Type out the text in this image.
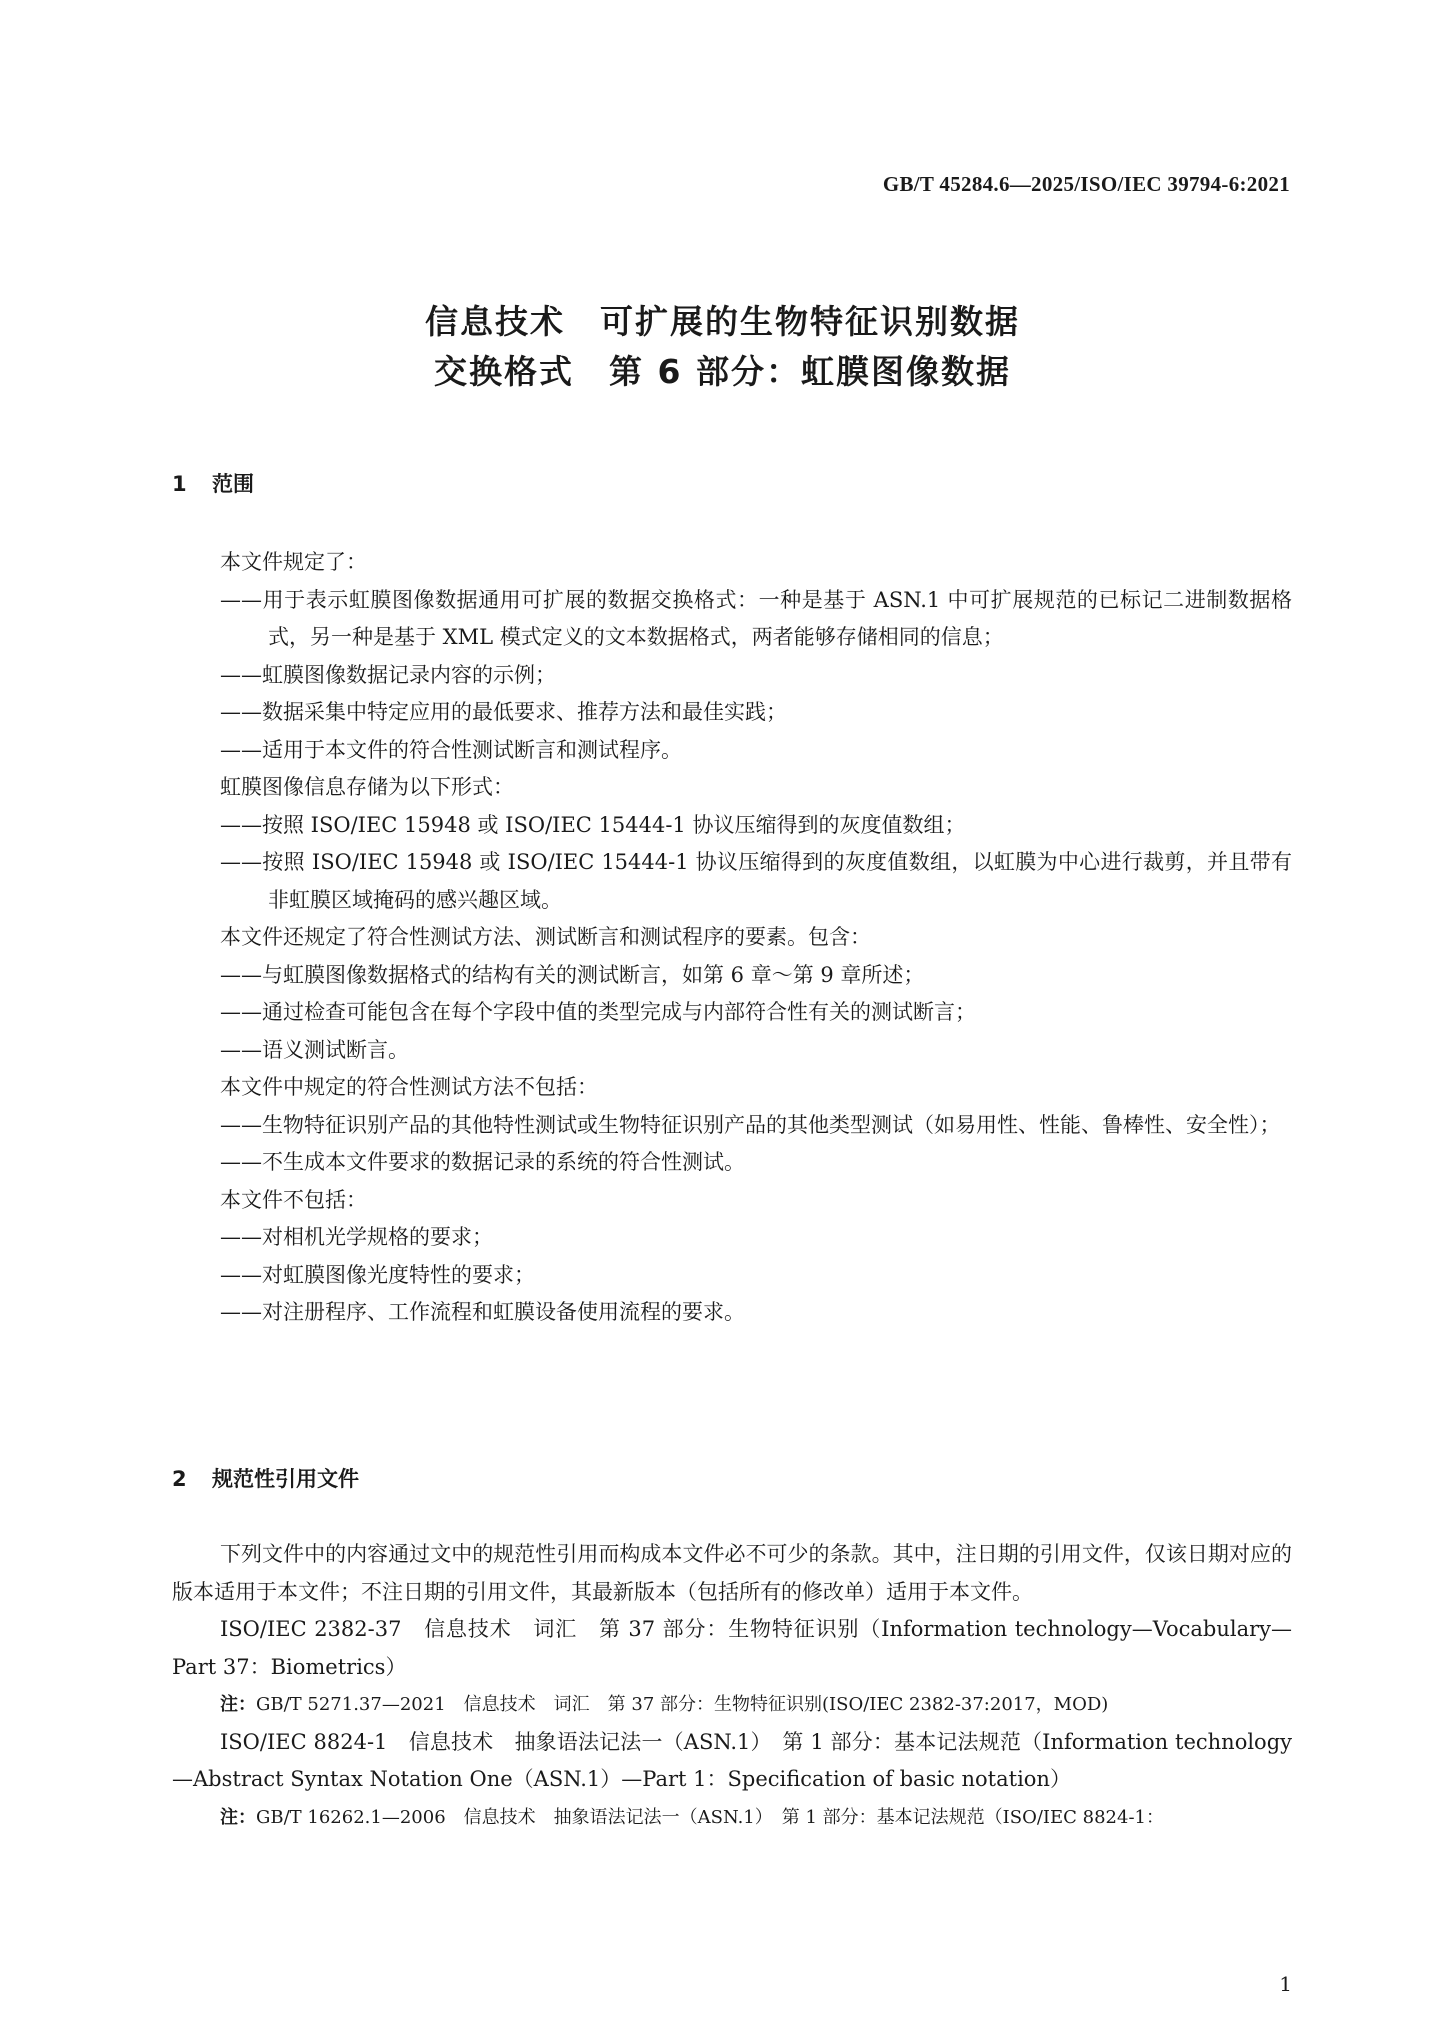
GB/T 45284.6—2025/ISO/IEC 39794-6:2021
信息技术　可扩展的生物特征识别数据
交换格式　第 6 部分：虹膜图像数据
1 范围

本文件规定了：

——用于表示虹膜图像数据通用可扩展的数据交换格式：一种是基于 ASN.1 中可扩展规范的已标记二进制数据格式，另一种是基于 XML 模式定义的文本数据格式，两者能够存储相同的信息；

——虹膜图像数据记录内容的示例；

——数据采集中特定应用的最低要求、推荐方法和最佳实践；

——适用于本文件的符合性测试断言和测试程序。

虹膜图像信息存储为以下形式：

——按照 ISO/IEC 15948 或 ISO/IEC 15444-1 协议压缩得到的灰度值数组；

——按照 ISO/IEC 15948 或 ISO/IEC 15444-1 协议压缩得到的灰度值数组，以虹膜为中心进行裁剪，并且带有非虹膜区域掩码的感兴趣区域。

本文件还规定了符合性测试方法、测试断言和测试程序的要素。包含：

——与虹膜图像数据格式的结构有关的测试断言，如第 6 章～第 9 章所述；

——通过检查可能包含在每个字段中值的类型完成与内部符合性有关的测试断言；

——语义测试断言。

本文件中规定的符合性测试方法不包括：

——生物特征识别产品的其他特性测试或生物特征识别产品的其他类型测试（如易用性、性能、鲁棒性、安全性）；

——不生成本文件要求的数据记录的系统的符合性测试。

本文件不包括：

——对相机光学规格的要求；

——对虹膜图像光度特性的要求；

——对注册程序、工作流程和虹膜设备使用流程的要求。

2 规范性引用文件

下列文件中的内容通过文中的规范性引用而构成本文件必不可少的条款。其中，注日期的引用文件，仅该日期对应的版本适用于本文件；不注日期的引用文件，其最新版本（包括所有的修改单）适用于本文件。

ISO/IEC 2382-37　信息技术　词汇　第 37 部分：生物特征识别（Information technology—Vocabulary—Part 37：Biometrics）

注：GB/T 5271.37—2021　信息技术　词汇　第 37 部分：生物特征识别(ISO/IEC 2382-37:2017，MOD)

ISO/IEC 8824-1　信息技术　抽象语法记法一（ASN.1）　第 1 部分：基本记法规范（Information technology—Abstract Syntax Notation One（ASN.1）—Part 1：Specification of basic notation）

注：GB/T 16262.1—2006　信息技术　抽象语法记法一（ASN.1）　第 1 部分：基本记法规范（ISO/IEC 8824-1：

1
